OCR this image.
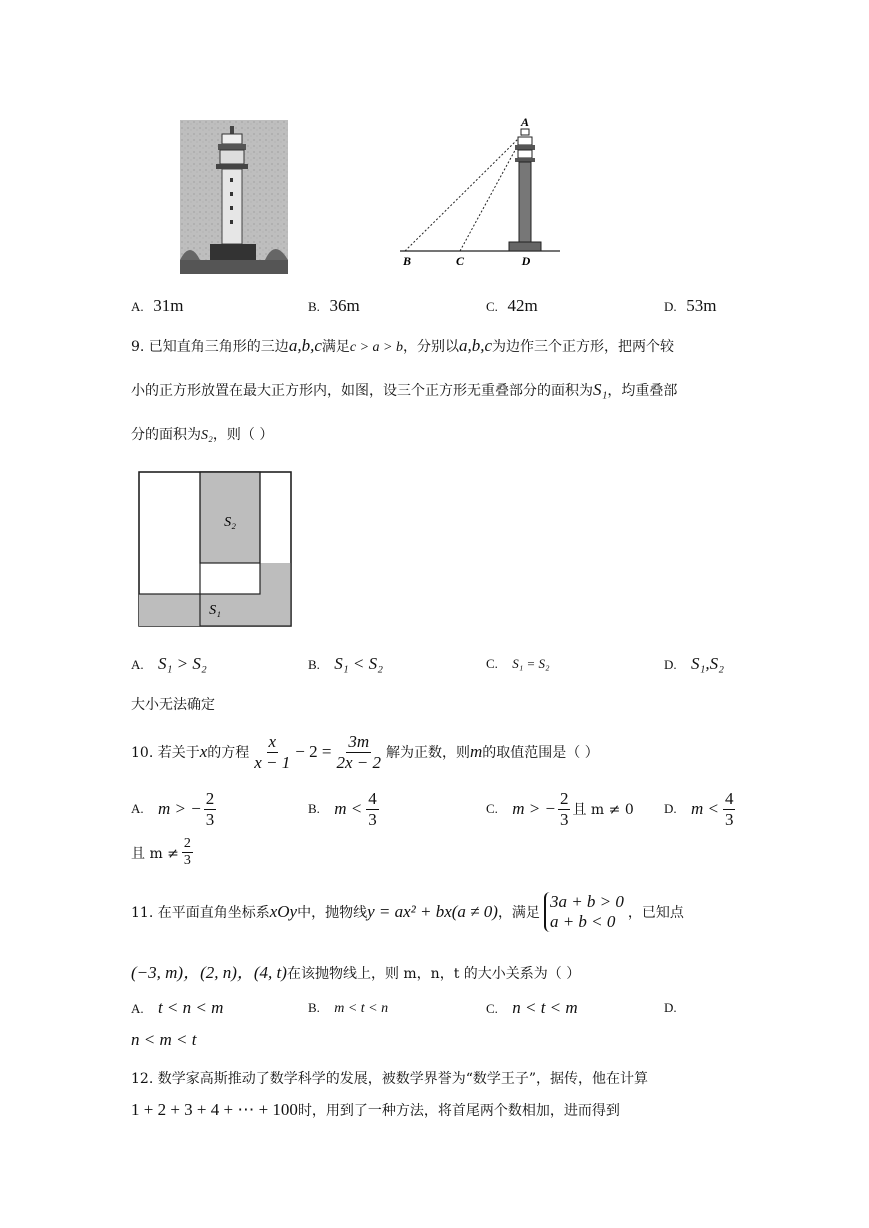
A
B	C	D
A. 31m	B. 36m	C. 42m	D. 53m
9. 已知直角三角形的三边a,b,c满足c > a > b，分别以a,b,c为边作三个正方形，把两个较
小的正方形放置在最大正方形内，如图，设三个正方形无重叠部分的面积为S₁，均重叠部
分的面积为S₂，则（ ）
S₂
S₁
A. S₁ > S₂	B. S₁ < S₂	C. S₁ = S₂	D. S₁,S₂
大小无法确定
10. 若关于 x 的方程 $\frac{x}{x - 1} - 2 = \frac{3m}{2x - 2}$ 解为正数，则 m 的取值范围是（ ）
A.
m > − $\frac{2}{3}$	B.
$m < \frac{4}{3}$	C.
m > − $\frac{2}{3}$ 且 m ≠ 0 D.
$m < \frac{4}{3}$
且 $m \ne \frac{2}{3}$
11. 在平面直角坐标系 xOy 中，抛物线 y = ax² + bx(a ≠ 0) ，满足
3a + b > 0
a + b < 0 ，已知点
(−3, m)，(2, n)，(4, t)在该抛物线上，则 m，n，t 的大小关系为（ ）
A. t < n < m	B. m < t < n	C. n < t < m	D.
n < m < t
12. 数学家高斯推动了数学科学的发展，被数学界誉为“数学王子”，据传，他在计算
1 + 2 + 3 + 4 + ⋯ + 100时，用到了一种方法，将首尾两个数相加，进而得到
